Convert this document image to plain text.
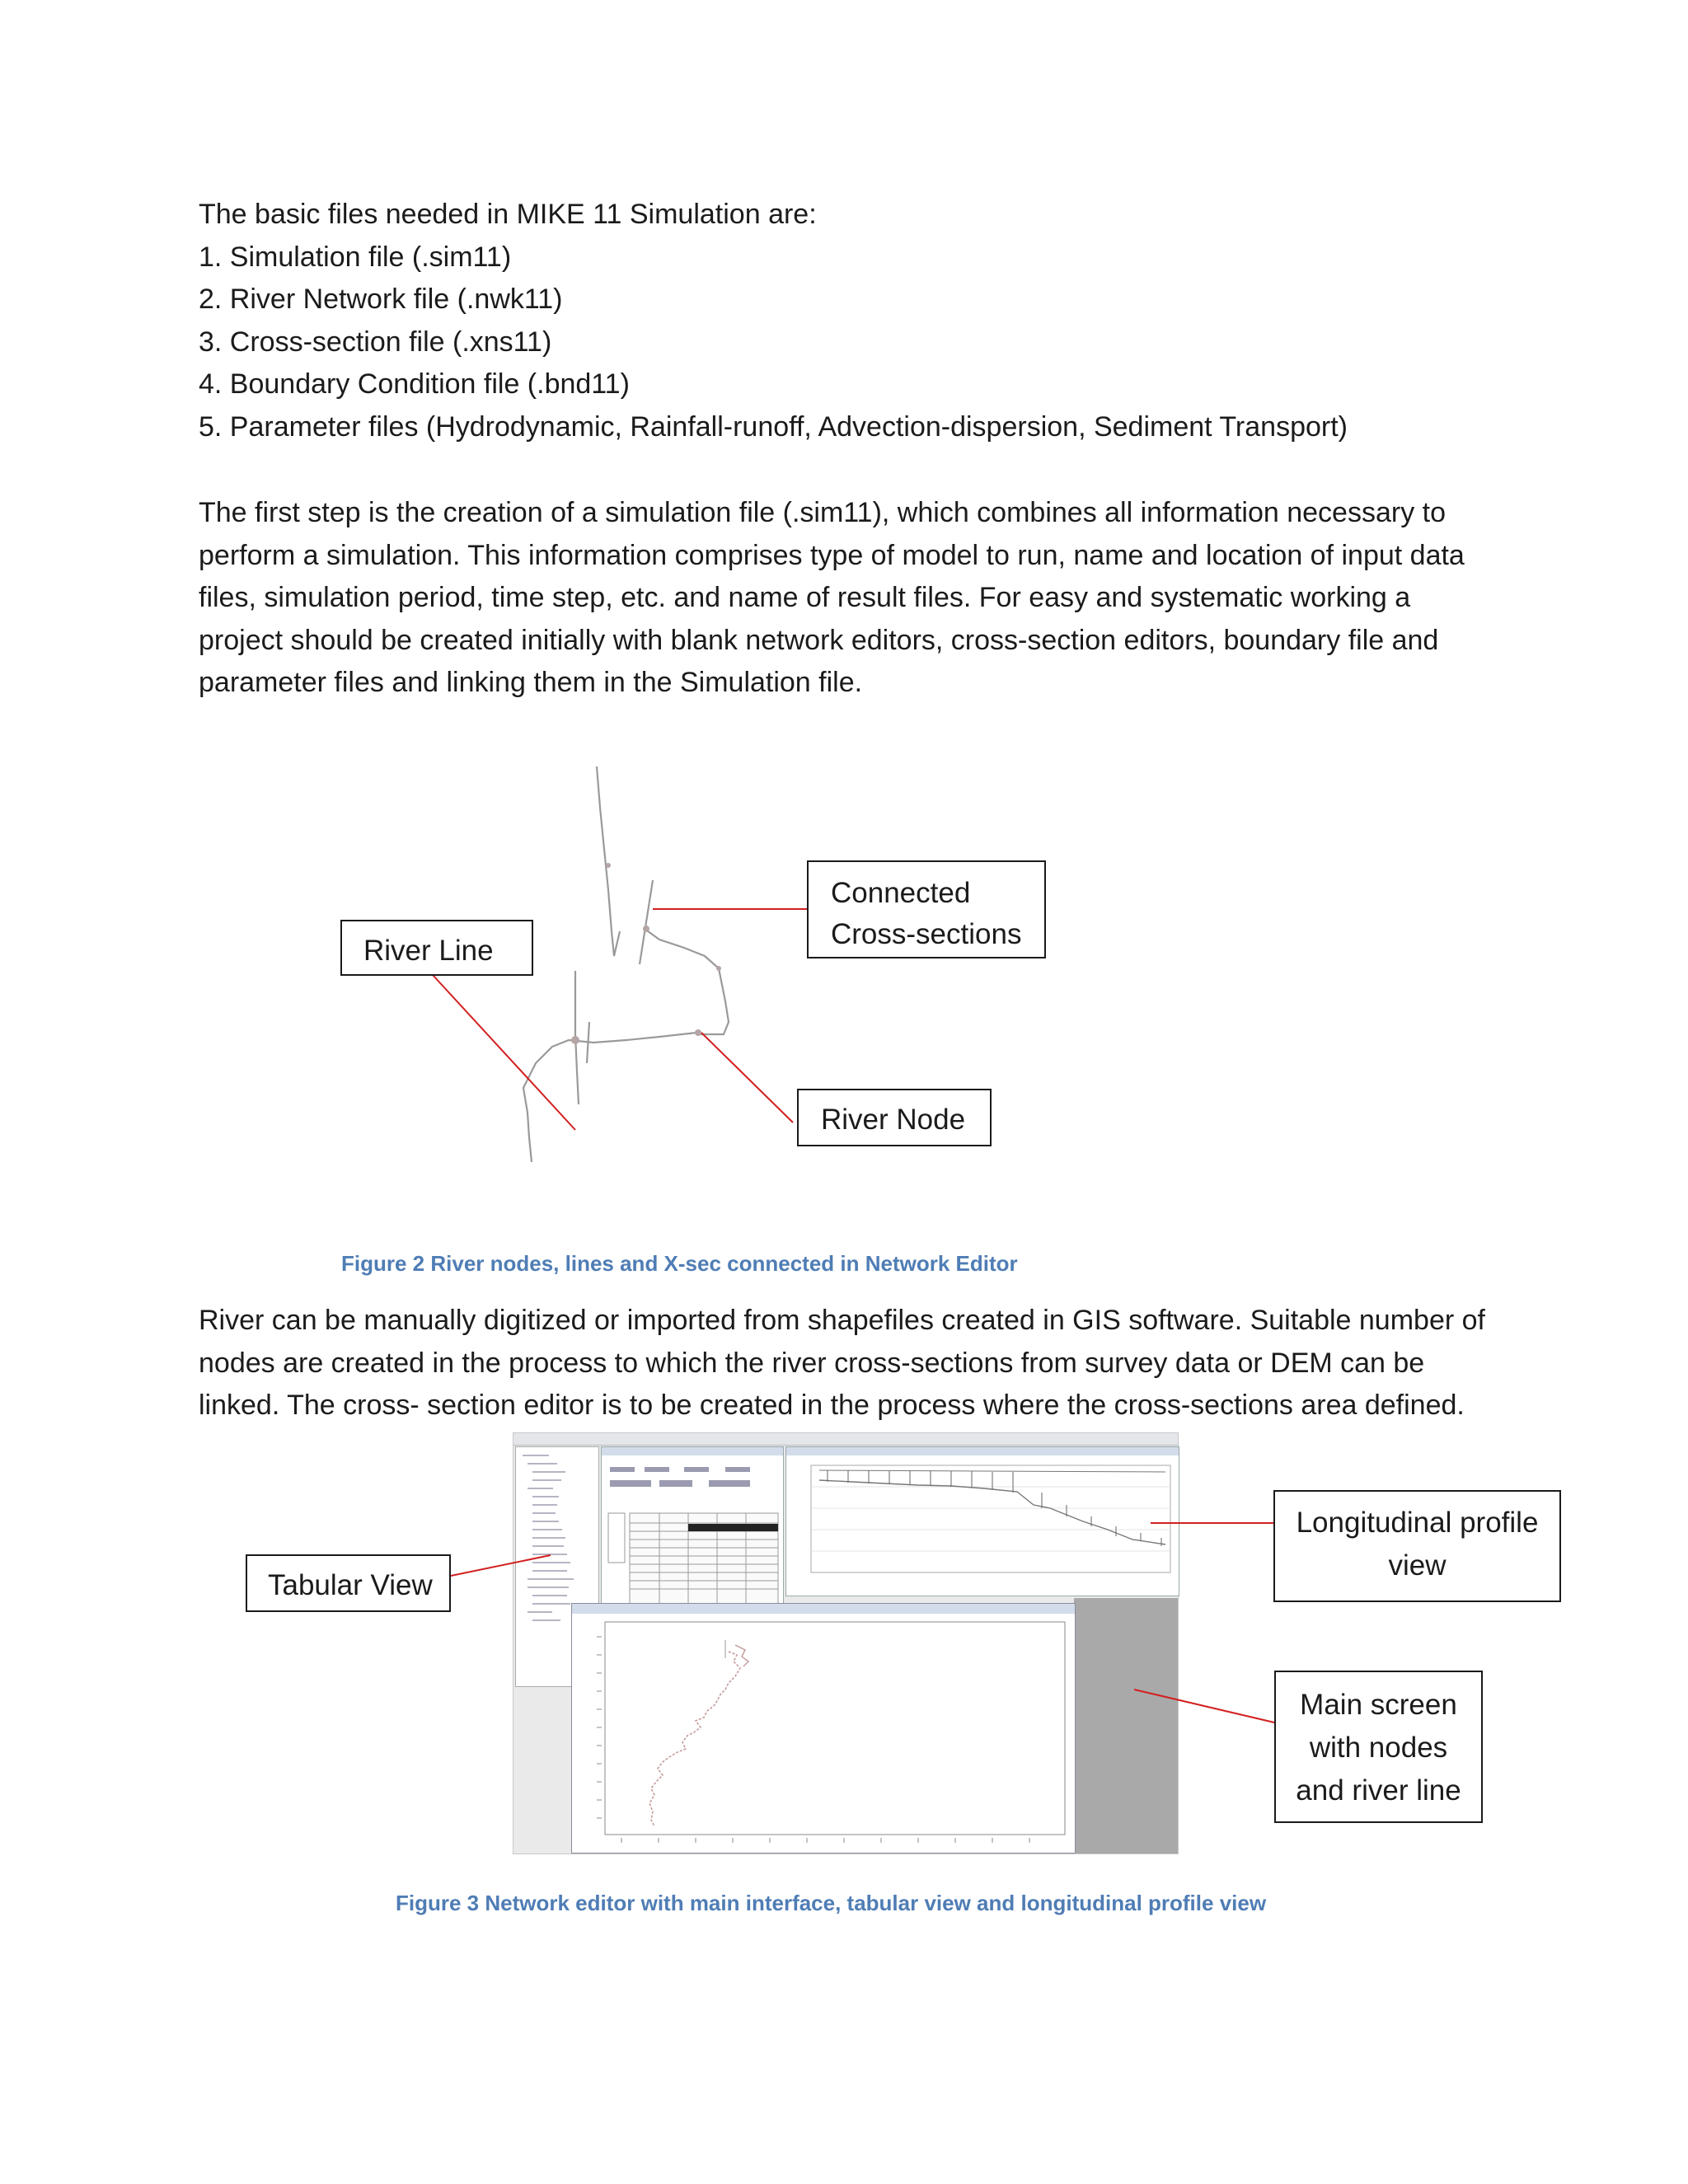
The basic files needed in MIKE 11 Simulation are:

1. Simulation file (.sim11)

2. River Network file (.nwk11)

3. Cross-section file (.xns11)

4. Boundary Condition file (.bnd11)

5. Parameter files (Hydrodynamic, Rainfall-runoff, Advection-dispersion, Sediment Transport)

The first step is the creation of a simulation file (.sim11), which combines all information necessary to

perform a simulation. This information comprises type of model to run, name and location of input data

files, simulation period, time step, etc. and name of result files. For easy and systematic working a

project should be created initially with blank network editors, cross-section editors, boundary file and

parameter files and linking them in the Simulation file.

River Line
Connected
Cross-sections
River Node
Figure 2 River nodes, lines and X-sec connected in Network Editor

River can be manually digitized or imported from shapefiles created in GIS software. Suitable number of

nodes are created in the process to which the river cross-sections from survey data or DEM can be

linked. The cross- section editor is to be created in the process where the cross-sections area defined.

Tabular View
Longitudinal profile
view
Main screen
with nodes
and river line
Figure 3 Network editor with main interface, tabular view and longitudinal profile view
